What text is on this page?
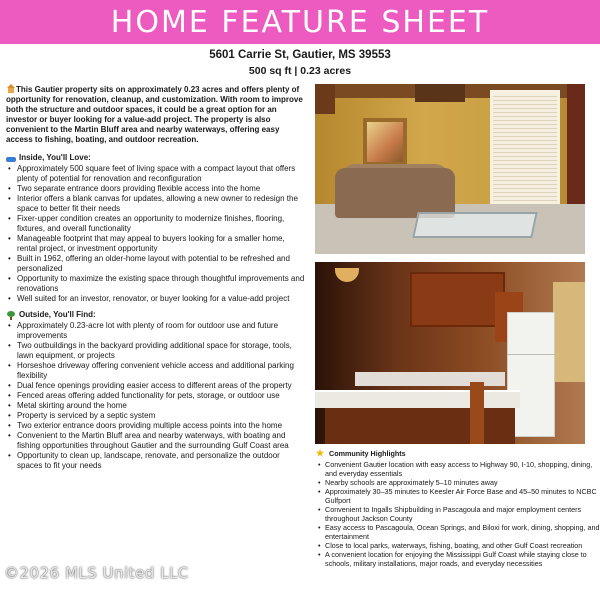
HOME FEATURE SHEET
5601 Carrie St, Gautier, MS 39553
500 sq ft | 0.23 acres

This Gautier property sits on approximately 0.23 acres and offers plenty of opportunity for renovation, cleanup, and customization. With room to improve both the structure and outdoor spaces, it could be a great option for an investor or buyer looking for a value-add project. The property is also convenient to the Martin Bluff area and nearby waterways, offering easy access to fishing, boating, and outdoor recreation.

Inside, You'll Love:
• Approximately 500 square feet of living space with a compact layout that offers plenty of potential for renovation and reconfiguration
• Two separate entrance doors providing flexible access into the home
• Interior offers a blank canvas for updates, allowing a new owner to redesign the space to better fit their needs
• Fixer-upper condition creates an opportunity to modernize finishes, flooring, fixtures, and overall functionality
• Manageable footprint that may appeal to buyers looking for a smaller home, rental project, or investment opportunity
• Built in 1962, offering an older-home layout with potential to be refreshed and personalized
• Opportunity to maximize the existing space through thoughtful improvements and renovations
• Well suited for an investor, renovator, or buyer looking for a value-add project
Outside, You'll Find:
• Approximately 0.23-acre lot with plenty of room for outdoor use and future improvements
• Two outbuildings in the backyard providing additional space for storage, tools, lawn equipment, or projects
• Horseshoe driveway offering convenient vehicle access and additional parking flexibility
• Dual fence openings providing easier access to different areas of the property
• Fenced areas offering added functionality for pets, storage, or outdoor use
• Metal skirting around the home
• Property is serviced by a septic system
• Two exterior entrance doors providing multiple access points into the home
• Convenient to the Martin Bluff area and nearby waterways, with boating and fishing opportunities throughout Gautier and the surrounding Gulf Coast area
• Opportunity to clean up, landscape, renovate, and personalize the outdoor spaces to fit your needs
★ Community Highlights
• Convenient Gautier location with easy access to Highway 90, I-10, shopping, dining, and everyday essentials
• Nearby schools are approximately 5–10 minutes away
• Approximately 30–35 minutes to Keesler Air Force Base and 45–50 minutes to NCBC Gulfport
• Convenient to Ingalls Shipbuilding in Pascagoula and major employment centers throughout Jackson County
• Easy access to Pascagoula, Ocean Springs, and Biloxi for work, dining, shopping, and entertainment
• Close to local parks, waterways, fishing, boating, and other Gulf Coast recreation
• A convenient location for enjoying the Mississippi Gulf Coast while staying close to schools, military installations, major roads, and everyday necessities
©2026 MLS United LLC
